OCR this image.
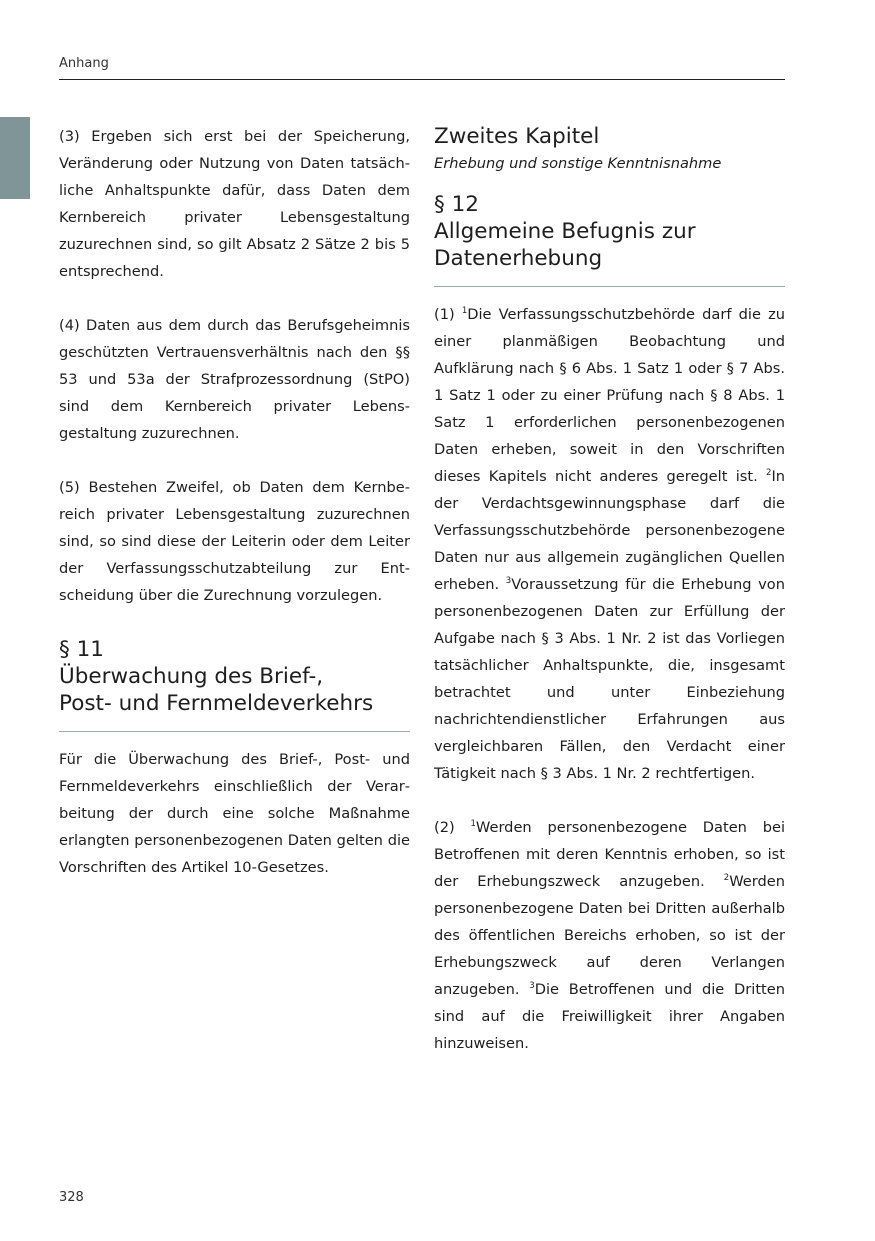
Anhang

(3) Ergeben sich erst bei der Speicherung, Veränderung oder Nutzung von Daten tatsächliche Anhaltspunkte dafür, dass Daten dem Kernbereich privater Lebensgestaltung zuzurechnen sind, so gilt Absatz 2 Sätze 2 bis 5 entsprechend.

(4) Daten aus dem durch das Berufsgeheimnis geschützten Vertrauensverhältnis nach den §§ 53 und 53a der Strafprozessordnung (StPO) sind dem Kernbereich privater Lebensgestaltung zuzurechnen.

(5) Bestehen Zweifel, ob Daten dem Kernbereich privater Lebensgestaltung zuzurechnen sind, so sind diese der Leiterin oder dem Leiter der Verfassungsschutzabteilung zur Entscheidung über die Zurechnung vorzulegen.

§ 11
Überwachung des Brief-,
Post- und Fernmeldeverkehrs

Für die Überwachung des Brief-, Post- und Fernmeldeverkehrs einschließlich der Verarbeitung der durch eine solche Maßnahme erlangten personenbezogenen Daten gelten die Vorschriften des Artikel 10-Gesetzes.

Zweites Kapitel

Erhebung und sonstige Kenntnisnahme

§ 12
Allgemeine Befugnis zur
Datenerhebung

(1) $^1$Die Verfassungsschutzbehörde darf die zu einer planmäßigen Beobachtung und Aufklärung nach § 6 Abs. 1 Satz 1 oder § 7 Abs. 1 Satz 1 oder zu einer Prüfung nach § 8 Abs. 1 Satz 1 erforderlichen personenbezogenen Daten erheben, soweit in den Vorschriften dieses Kapitels nicht anderes geregelt ist. $^2$In der Verdachtsgewinnungsphase darf die Verfassungsschutzbehörde personenbezogene Daten nur aus allgemein zugänglichen Quellen erheben. $^3$Voraussetzung für die Erhebung von personenbezogenen Daten zur Erfüllung der Aufgabe nach § 3 Abs. 1 Nr. 2 ist das Vorliegen tatsächlicher Anhaltspunkte, die, insgesamt betrachtet und unter Einbeziehung nachrichtendienstlicher Erfahrungen aus vergleichbaren Fällen, den Verdacht einer Tätigkeit nach § 3 Abs. 1 Nr. 2 rechtfertigen.

(2) $^1$Werden personenbezogene Daten bei Betroffenen mit deren Kenntnis erhoben, so ist der Erhebungszweck anzugeben. $^2$Werden personenbezogene Daten bei Dritten außerhalb des öffentlichen Bereichs erhoben, so ist der Erhebungszweck auf deren Verlangen anzugeben. $^3$Die Betroffenen und die Dritten sind auf die Freiwilligkeit ihrer Angaben hinzuweisen.

328
